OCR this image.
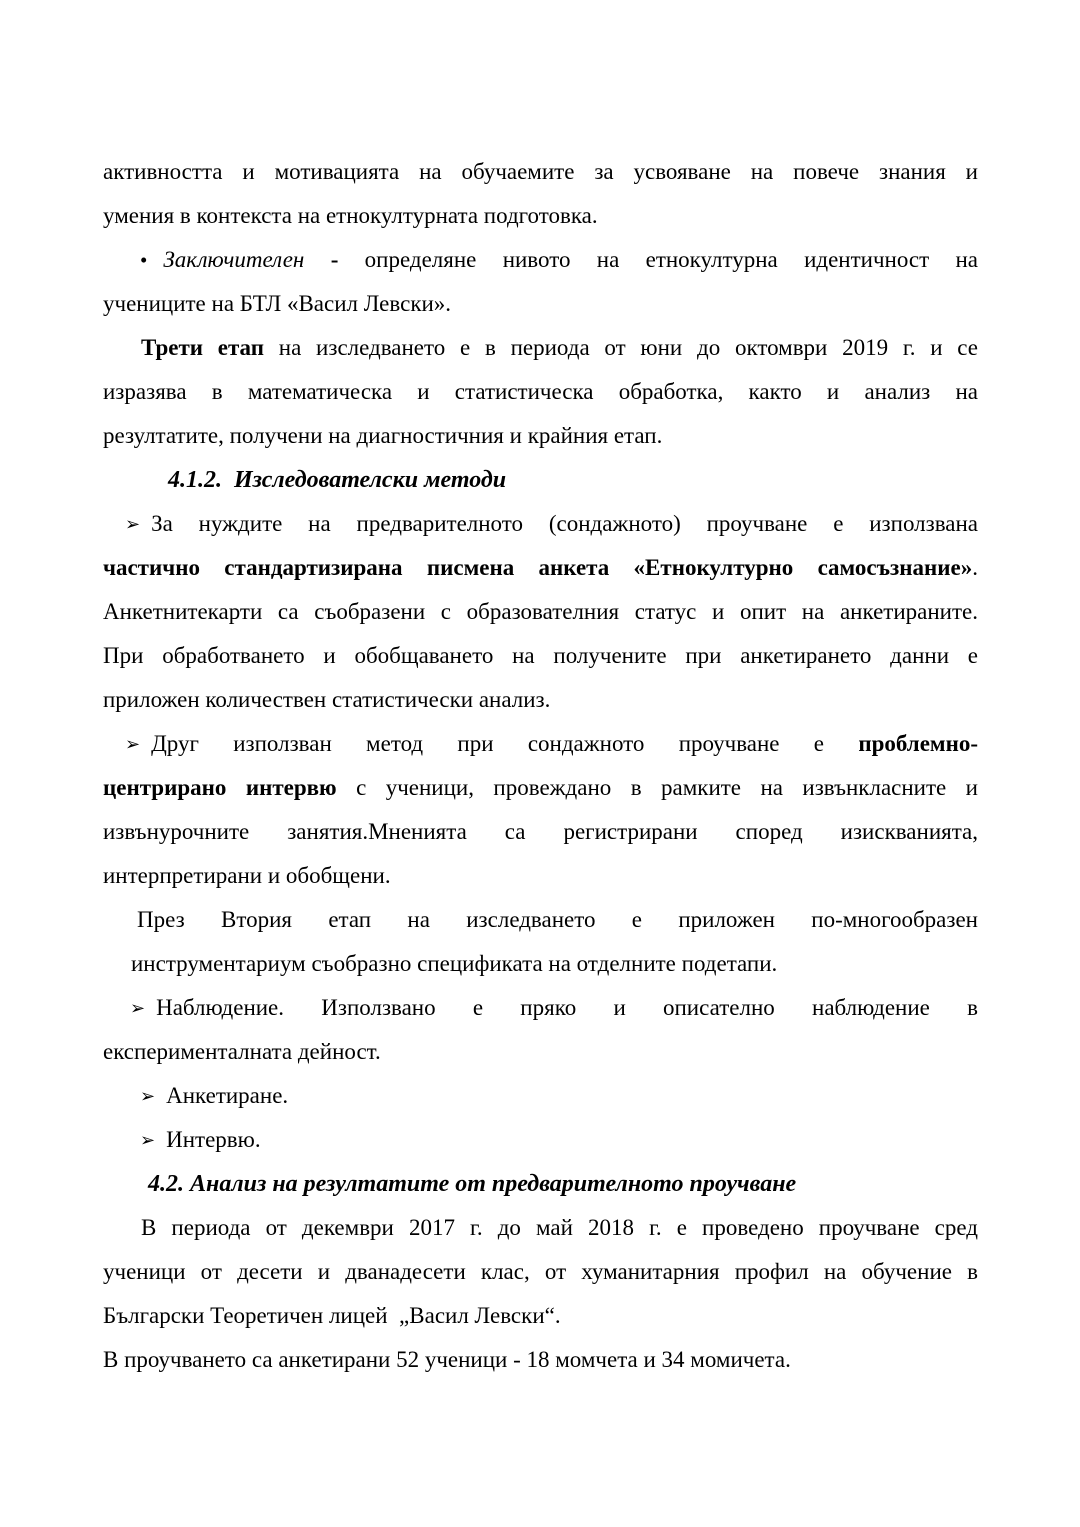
активността и мотивацията на обучаемите за усвояване на повече знания и
умения в контекста на етнокултурната подготовка.
• Заключителен - определяне нивото на етнокултурна идентичност на
учениците на БТЛ «Васил Левски».
Трети етап на изследването е в периода от юни до октомври 2019 г. и се
изразява в математическа и статистическа обработка, както и анализ на
резултатите, получени на диагностичния и крайния етап.
4.1.2.  Изследователски методи
➢ За нуждите на предварителното (сондажното) проучване е използвана
частично стандартизирана писмена анкета «Етнокултурно самосъзнание».
Анкетнитекарти са съобразени с образователния статус и опит на анкетираните.
При обработването и обобщаването на получените при анкетирането данни е
приложен количествен статистически анализ.
➢ Друг използван метод при сондажното проучване е проблемно-
центрирано интервю с ученици, провеждано в рамките на извънкласните и
извънурочните занятия.Мненията са регистрирани според изискванията,
интерпретирани и обобщени.
През Втория етап на изследването е приложен по-многообразен
инструментариум съобразно спецификата на отделните подетапи.
➢ Наблюдение. Използвано е пряко и описателно наблюдение в
експерименталната дейност.
➢ Анкетиране.
➢ Интервю.
4.2. Анализ на резултатите от предварителното проучване
В периода от декември 2017 г. до май 2018 г. е проведено проучване сред
ученици от десети и дванадесети клас, от хуманитарния профил на обучение в
Български Теоретичен лицей  „Васил Левски“.
В проучването са анкетирани 52 ученици - 18 момчета и 34 момичета.
